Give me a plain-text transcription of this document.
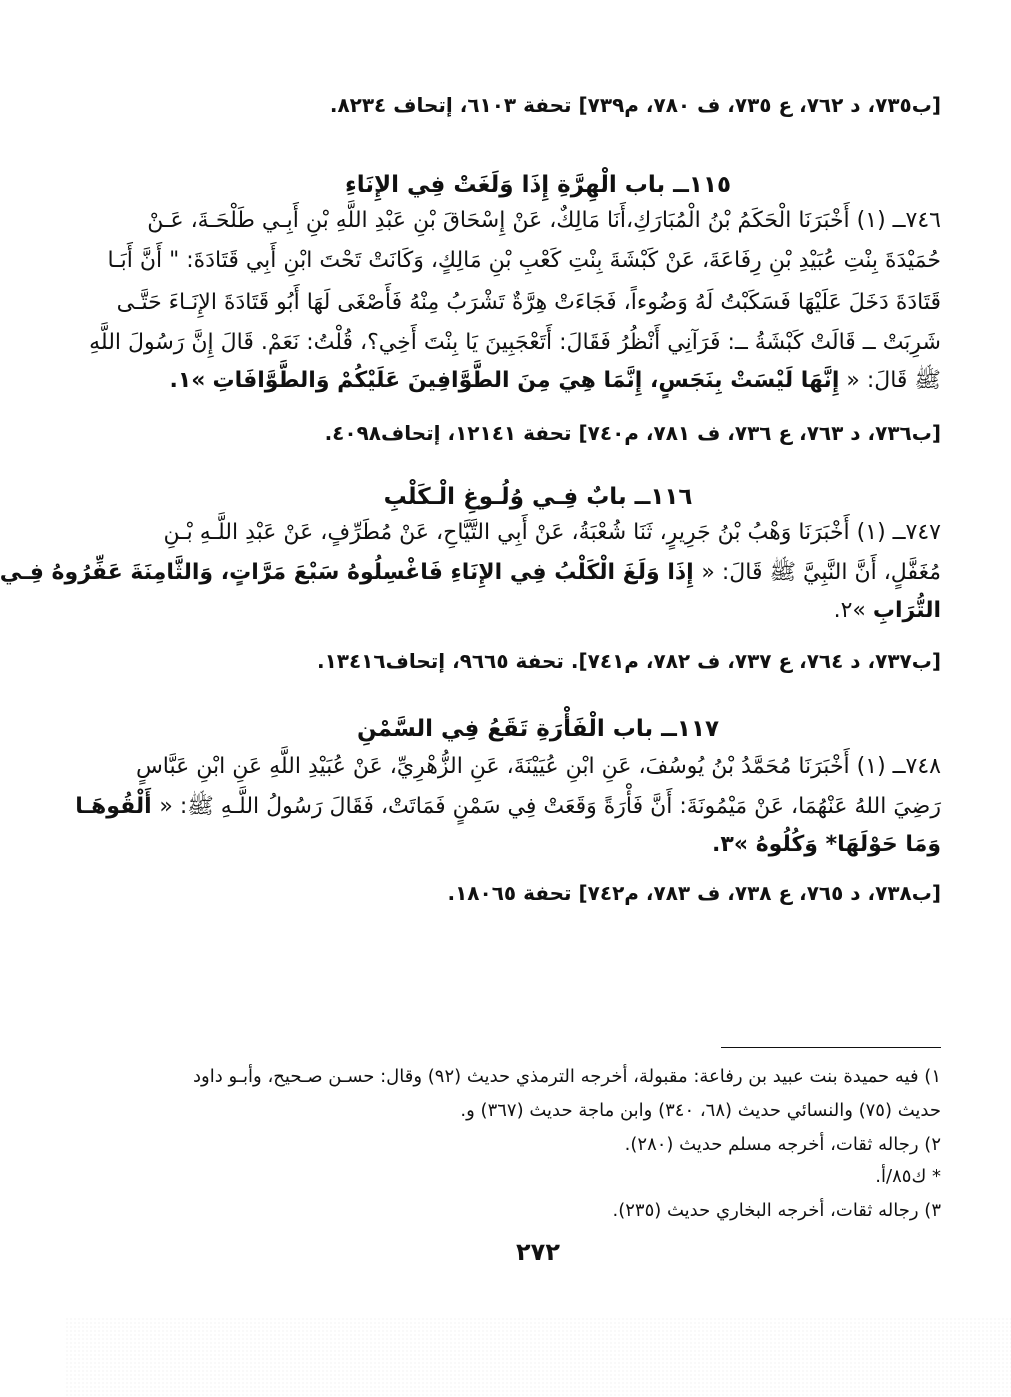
[ب٧٣٥، د ٧٦٢، ع ٧٣٥، ف ٧٨٠، م٧٣٩] تحفة ٦١٠٣، إتحاف ٨٢٣٤.
١١٥ــ باب الْهِرَّةِ إِذَا وَلَغَتْ فِي الإِنَاءِ
٧٤٦ــ (١) أَخْبَرَنَا الْحَكَمُ بْنُ الْمُبَارَكِ،أَنَا مَالِكٌ، عَنْ إِسْحَاقَ بْنِ عَبْدِ اللَّهِ بْنِ أَبِـي طَلْحَـةَ، عَـنْ
حُمَيْدَةَ بِنْتِ عُبَيْدِ بْنِ رِفَاعَةَ، عَنْ كَبْشَةَ بِنْتِ كَعْبِ بْنِ مَالِكٍ، وَكَانَتْ تَحْتَ ابْنِ أَبِي قَتَادَةَ: " أَنَّ أَبَـا
قَتَادَةَ دَخَلَ عَلَيْهَا فَسَكَبْتُ لَهُ وَضُوءاً، فَجَاءَتْ هِرَّةٌ تَشْرَبُ مِنْهُ فَأَصْغَى لَهَا أَبُو قَتَادَةَ الإِنَـاءَ حَتَّـى
شَرِبَتْ ــ قَالَتْ كَبْشَةُ ــ: فَرَآنِي أَنْظُرُ فَقَالَ: أَتَعْجَبِينَ يَا بِنْتَ أَخِي؟، قُلْتُ: نَعَمْ. قَالَ إِنَّ رَسُولَ اللَّهِ
ﷺ قَالَ: « إِنَّهَا لَيْسَتْ بِنَجَسٍ، إِنَّمَا هِيَ مِنَ الطَّوَّافِينَ عَلَيْكُمْ وَالطَّوَّافَاتِ »١.
[ب٧٣٦، د ٧٦٣، ع ٧٣٦، ف ٧٨١، م٧٤٠] تحفة ١٢١٤١، إتحاف٤٠٩٨.
١١٦ــ بابٌ فِـي وُلُـوغِ الْـكَلْبِ
٧٤٧ــ (١) أَخْبَرَنَا وَهْبُ بْنُ جَرِيرٍ، ثَنَا شُعْبَةُ، عَنْ أَبِي التَّيَّاحِ، عَنْ مُطَرِّفٍ، عَنْ عَبْدِ اللَّـهِ بْـنِ
مُغَفَّلٍ، أَنَّ النَّبِيَّ ﷺ قَالَ: « إِذَا وَلَغَ الْكَلْبُ فِي الإِنَاءِ فَاغْسِلُوهُ سَبْعَ مَرَّاتٍ، وَالثَّامِنَةَ عَفِّرُوهُ فِـي
التُّرَابِ »٢.
[ب٧٣٧، د ٧٦٤، ع ٧٣٧، ف ٧٨٢، م٧٤١]. تحفة ٩٦٦٥، إتحاف١٣٤١٦.
١١٧ــ باب الْفَأْرَةِ تَقَعُ فِي السَّمْنِ
٧٤٨ــ (١) أَخْبَرَنَا مُحَمَّدُ بْنُ يُوسُفَ، عَنِ ابْنِ عُيَيْنَةَ، عَنِ الزُّهْرِيِّ، عَنْ عُبَيْدِ اللَّهِ عَنِ ابْنِ عَبَّاسٍ
رَضِيَ اللهُ عَنْهُمَا، عَنْ مَيْمُونَةَ: أَنَّ فَأْرَةً وَقَعَتْ فِي سَمْنٍ فَمَاتَتْ، فَقَالَ رَسُولُ اللَّـهِ ﷺ: « أَلْقُوهَـا
وَمَا حَوْلَهَا* وَكُلُوهُ »٣.
[ب٧٣٨، د ٧٦٥، ع ٧٣٨، ف ٧٨٣، م٧٤٢] تحفة ١٨٠٦٥.
١) فيه حميدة بنت عبيد بن رفاعة: مقبولة، أخرجه الترمذي حديث (٩٢) وقال: حسـن صـحيح، وأبـو داود
حديث (٧٥) والنسائي حديث (٦٨، ٣٤٠) وابن ماجة حديث (٣٦٧) و.
٢) رجاله ثقات، أخرجه مسلم حديث (٢٨٠).
* ك٨٥/أ.
٣) رجاله ثقات، أخرجه البخاري حديث (٢٣٥).
٢٧٢
